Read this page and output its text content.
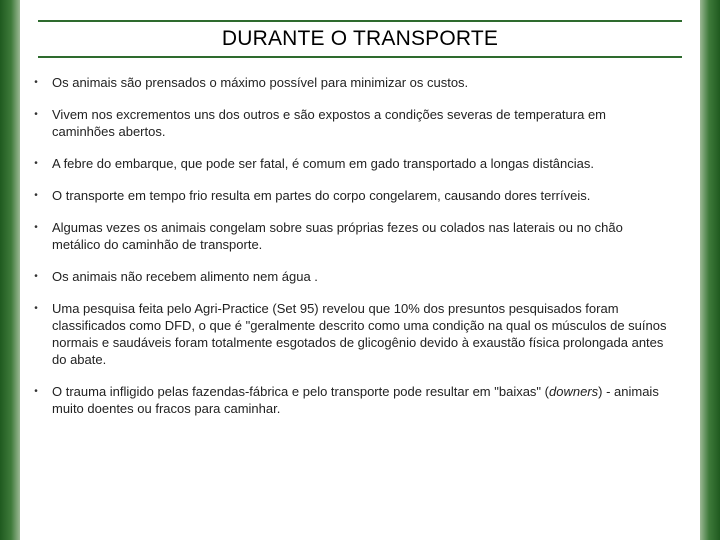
DURANTE O TRANSPORTE
•	Os animais são prensados o máximo possível para minimizar os custos.
•	Vivem nos excrementos uns dos outros e são expostos a condições severas de temperatura em caminhões abertos.
•	A febre do embarque, que pode ser fatal, é comum em gado transportado a longas distâncias.
•	O transporte em tempo frio resulta em partes do corpo congelarem, causando dores terríveis.
•	Algumas vezes os animais congelam sobre suas próprias fezes ou colados nas laterais ou no chão metálico do caminhão de transporte.
•	Os animais não recebem alimento nem água .
•	Uma pesquisa feita pelo Agri-Practice (Set 95) revelou que 10% dos presuntos pesquisados foram classificados como DFD, o que é "geralmente descrito como uma condição na qual os músculos de suínos normais e saudáveis foram totalmente esgotados de glicogênio devido à exaustão física prolongada antes do abate.
•	O trauma infligido pelas fazendas-fábrica e pelo transporte pode resultar em "baixas" (downers) - animais muito doentes ou fracos para caminhar.
